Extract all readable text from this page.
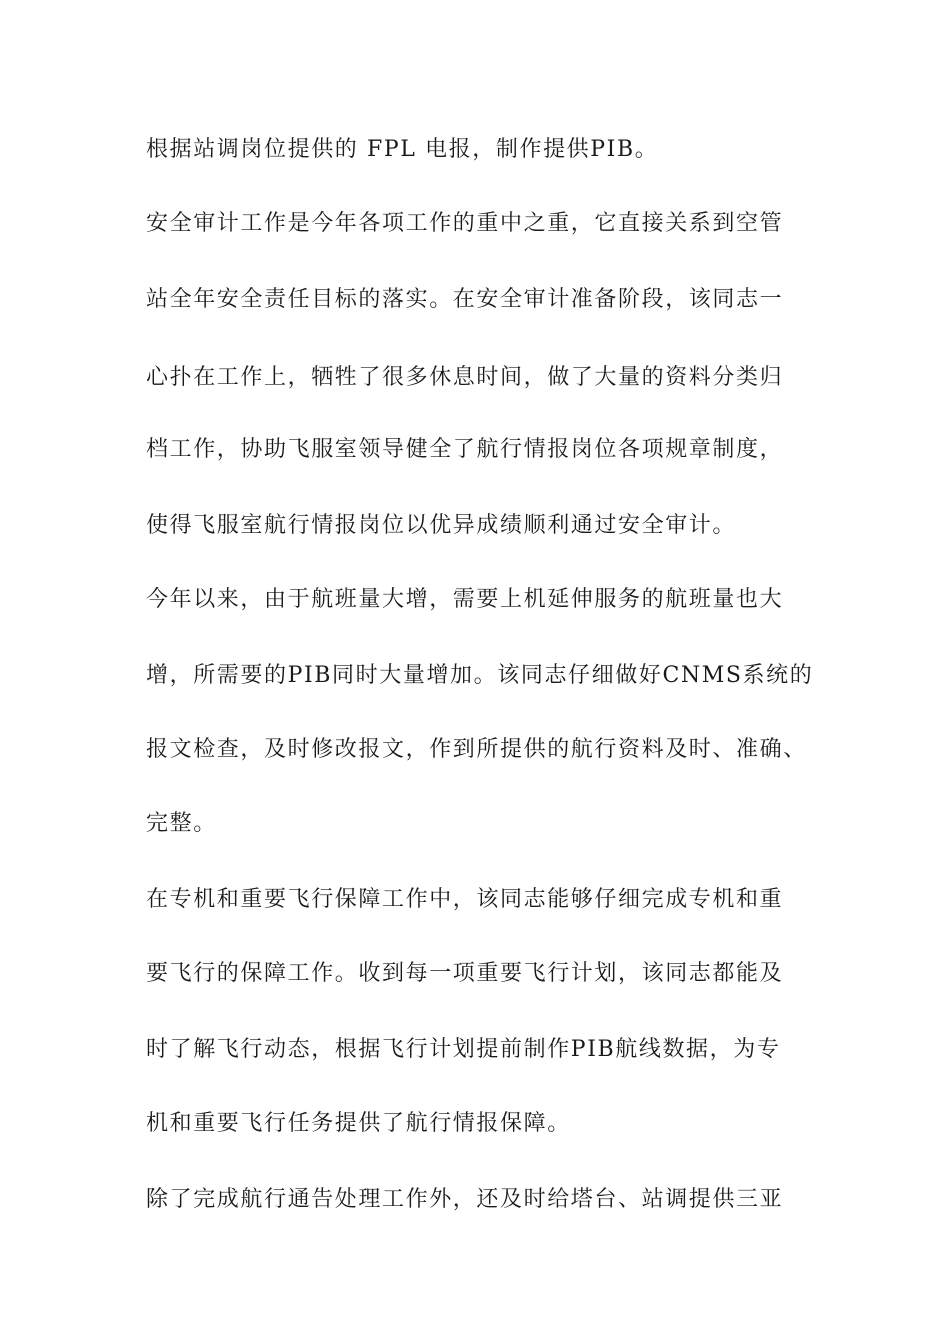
根据站调岗位提供的 FPL 电报，制作提供PIB。
安全审计工作是今年各项工作的重中之重，它直接关系到空管
站全年安全责任目标的落实。在安全审计准备阶段，该同志一
心扑在工作上，牺牲了很多休息时间，做了大量的资料分类归
档工作，协助飞服室领导健全了航行情报岗位各项规章制度，
使得飞服室航行情报岗位以优异成绩顺利通过安全审计。
今年以来，由于航班量大增，需要上机延伸服务的航班量也大
增，所需要的PIB同时大量增加。该同志仔细做好CNMS系统的
报文检查，及时修改报文，作到所提供的航行资料及时、准确、
完整。
在专机和重要飞行保障工作中，该同志能够仔细完成专机和重
要飞行的保障工作。收到每一项重要飞行计划，该同志都能及
时了解飞行动态，根据飞行计划提前制作PIB航线数据，为专
机和重要飞行任务提供了航行情报保障。
除了完成航行通告处理工作外，还及时给塔台、站调提供三亚
